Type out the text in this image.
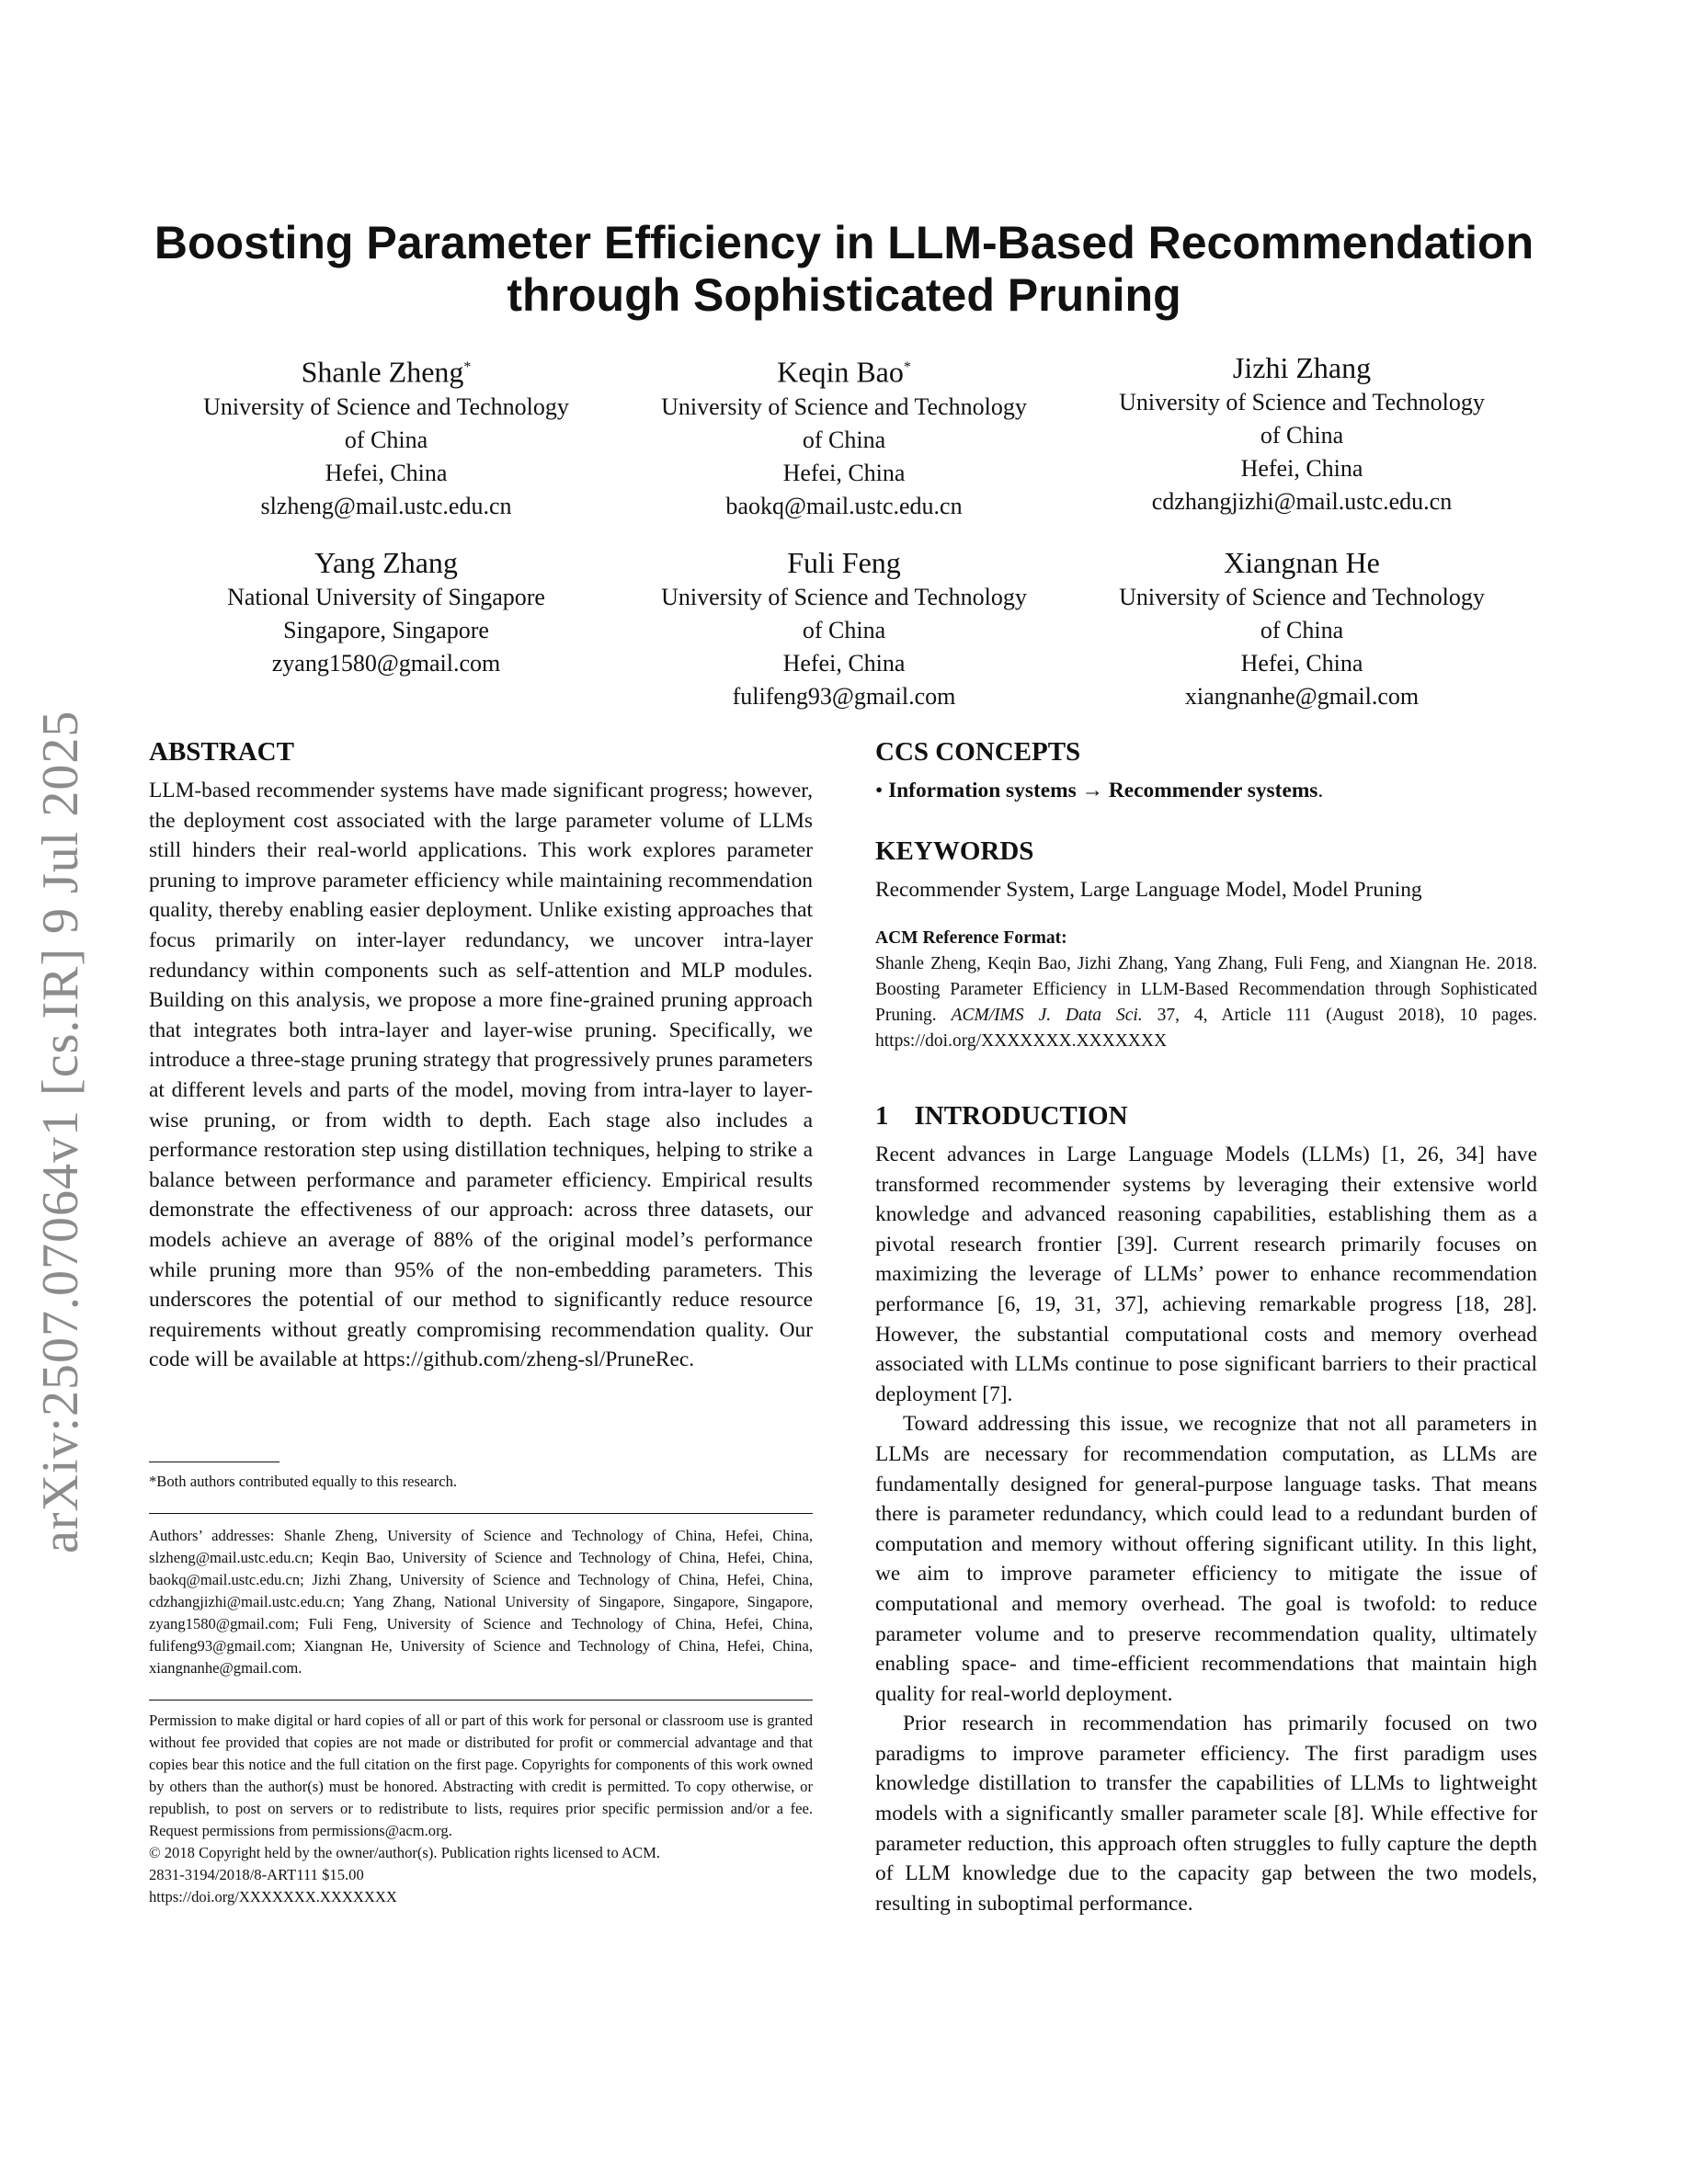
arXiv:2507.07064v1 [cs.IR] 9 Jul 2025
Boosting Parameter Efficiency in LLM-Based Recommendation
through Sophisticated Pruning
Shanle Zheng*
University of Science and Technology
of China
Hefei, China
slzheng@mail.ustc.edu.cn
Keqin Bao*
University of Science and Technology
of China
Hefei, China
baokq@mail.ustc.edu.cn
Jizhi Zhang
University of Science and Technology
of China
Hefei, China
cdzhangjizhi@mail.ustc.edu.cn
Yang Zhang
National University of Singapore
Singapore, Singapore
zyang1580@gmail.com
Fuli Feng
University of Science and Technology
of China
Hefei, China
fulifeng93@gmail.com
Xiangnan He
University of Science and Technology
of China
Hefei, China
xiangnanhe@gmail.com
ABSTRACT

LLM-based recommender systems have made significant progress; however, the deployment cost associated with the large parameter volume of LLMs still hinders their real-world applications. This work explores parameter pruning to improve parameter efficiency while maintaining recommendation quality, thereby enabling easier deployment. Unlike existing approaches that focus primarily on inter-layer redundancy, we uncover intra-layer redundancy within components such as self-attention and MLP modules. Building on this analysis, we propose a more fine-grained pruning approach that integrates both intra-layer and layer-wise pruning. Specifically, we introduce a three-stage pruning strategy that progressively prunes parameters at different levels and parts of the model, moving from intra-layer to layer-wise pruning, or from width to depth. Each stage also includes a performance restoration step using distillation techniques, helping to strike a balance between performance and parameter efficiency. Empirical results demonstrate the effectiveness of our approach: across three datasets, our models achieve an average of 88% of the original model’s performance while pruning more than 95% of the non-embedding parameters. This underscores the potential of our method to significantly reduce resource requirements without greatly compromising recommendation quality. Our code will be available at https://github.com/zheng-sl/PruneRec.

*Both authors contributed equally to this research.

Authors’ addresses: Shanle Zheng, University of Science and Technology of China, Hefei, China, slzheng@mail.ustc.edu.cn; Keqin Bao, University of Science and Technology of China, Hefei, China, baokq@mail.ustc.edu.cn; Jizhi Zhang, University of Science and Technology of China, Hefei, China, cdzhangjizhi@mail.ustc.edu.cn; Yang Zhang, National University of Singapore, Singapore, Singapore, zyang1580@gmail.com; Fuli Feng, University of Science and Technology of China, Hefei, China, fulifeng93@gmail.com; Xiangnan He, University of Science and Technology of China, Hefei, China, xiangnanhe@gmail.com.

Permission to make digital or hard copies of all or part of this work for personal or classroom use is granted without fee provided that copies are not made or distributed for profit or commercial advantage and that copies bear this notice and the full citation on the first page. Copyrights for components of this work owned by others than the author(s) must be honored. Abstracting with credit is permitted. To copy otherwise, or republish, to post on servers or to redistribute to lists, requires prior specific permission and/or a fee. Request permissions from permissions@acm.org.

© 2018 Copyright held by the owner/author(s). Publication rights licensed to ACM.

2831-3194/2018/8-ART111 $15.00

https://doi.org/XXXXXXX.XXXXXXX

CCS CONCEPTS

• Information systems → Recommender systems.

KEYWORDS

Recommender System, Large Language Model, Model Pruning

ACM Reference Format:

Shanle Zheng, Keqin Bao, Jizhi Zhang, Yang Zhang, Fuli Feng, and Xiangnan He. 2018. Boosting Parameter Efficiency in LLM-Based Recommendation through Sophisticated Pruning. ACM/IMS J. Data Sci. 37, 4, Article 111 (August 2018), 10 pages. https://doi.org/XXXXXXX.XXXXXXX

1 INTRODUCTION

Recent advances in Large Language Models (LLMs) [1, 26, 34] have transformed recommender systems by leveraging their extensive world knowledge and advanced reasoning capabilities, establishing them as a pivotal research frontier [39]. Current research primarily focuses on maximizing the leverage of LLMs’ power to enhance recommendation performance [6, 19, 31, 37], achieving remarkable progress [18, 28]. However, the substantial computational costs and memory overhead associated with LLMs continue to pose significant barriers to their practical deployment [7].

Toward addressing this issue, we recognize that not all parameters in LLMs are necessary for recommendation computation, as LLMs are fundamentally designed for general-purpose language tasks. That means there is parameter redundancy, which could lead to a redundant burden of computation and memory without offering significant utility. In this light, we aim to improve parameter efficiency to mitigate the issue of computational and memory overhead. The goal is twofold: to reduce parameter volume and to preserve recommendation quality, ultimately enabling space- and time-efficient recommendations that maintain high quality for real-world deployment.

Prior research in recommendation has primarily focused on two paradigms to improve parameter efficiency. The first paradigm uses knowledge distillation to transfer the capabilities of LLMs to lightweight models with a significantly smaller parameter scale [8]. While effective for parameter reduction, this approach often struggles to fully capture the depth of LLM knowledge due to the capacity gap between the two models, resulting in suboptimal performance.
